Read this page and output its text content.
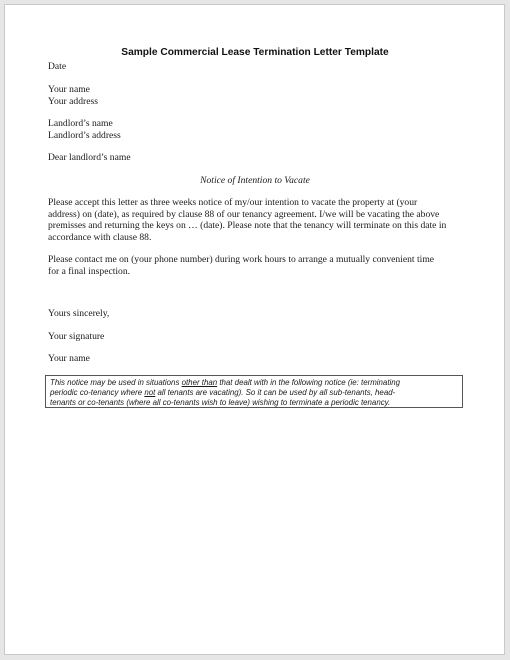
Sample Commercial Lease Termination Letter Template

Date

Your name

Your address

Landlord’s name

Landlord’s address

Dear landlord’s name

Notice of Intention to Vacate

Please accept this letter as three weeks notice of my/our intention to vacate the property at (your

address) on (date), as required by clause 88 of our tenancy agreement. I/we will be vacating the above

premisses and returning the keys on … (date). Please note that the tenancy will terminate on this date in

accordance with clause 88.

Please contact me on (your phone number) during work hours to arrange a mutually convenient time

for a final inspection.

Yours sincerely,

Your signature

Your name

This notice may be used in situations other than that dealt with in the following notice (ie: terminating
periodic co-tenancy where not all tenants are vacating). So it can be used by all sub-tenants, head-
tenants or co-tenants (where all co-tenants wish to leave) wishing to terminate a periodic tenancy.
